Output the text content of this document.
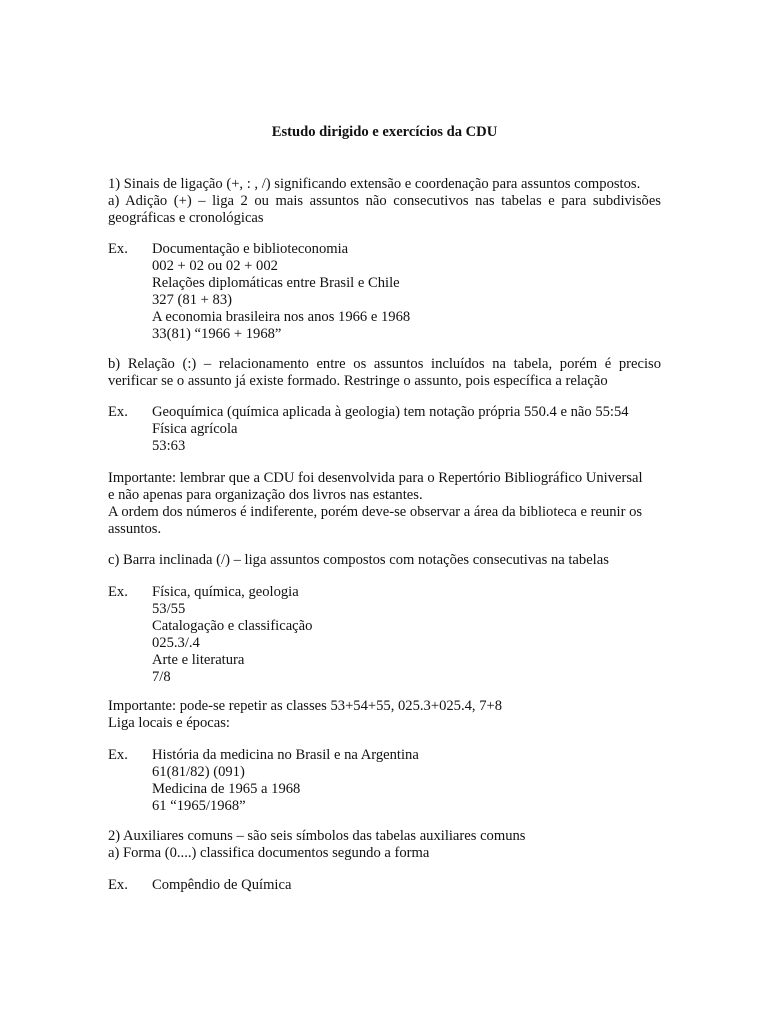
Estudo dirigido e exercícios da CDU
1) Sinais de ligação (+, : , /) significando extensão e coordenação para assuntos compostos.
a) Adição (+) – liga 2 ou mais assuntos não consecutivos nas tabelas e para subdivisões geográficas e cronológicas
Ex. Documentação e biblioteconomia
002 + 02 ou 02 + 002
Relações diplomáticas entre Brasil e Chile
327 (81 + 83)
A economia brasileira nos anos 1966 e 1968
33(81) “1966 + 1968”
b) Relação (:) – relacionamento entre os assuntos incluídos na tabela, porém é preciso verificar se o assunto já existe formado. Restringe o assunto, pois específica a relação
Ex. Geoquímica (química aplicada à geologia) tem notação própria 550.4 e não 55:54
Física agrícola
53:63
Importante: lembrar que a CDU foi desenvolvida para o Repertório Bibliográfico Universal
e não apenas para organização dos livros nas estantes.
A ordem dos números é indiferente, porém deve-se observar a área da biblioteca e reunir os
assuntos.
c) Barra inclinada (/) – liga assuntos compostos com notações consecutivas na tabelas
Ex. Física, química, geologia
53/55
Catalogação e classificação
025.3/.4
Arte e literatura
7/8
Importante: pode-se repetir as classes 53+54+55, 025.3+025.4, 7+8
Liga locais e épocas:
Ex. História da medicina no Brasil e na Argentina
61(81/82) (091)
Medicina de 1965 a 1968
61 “1965/1968”
2) Auxiliares comuns – são seis símbolos das tabelas auxiliares comuns
a) Forma (0....) classifica documentos segundo a forma
Ex. Compêndio de Química
